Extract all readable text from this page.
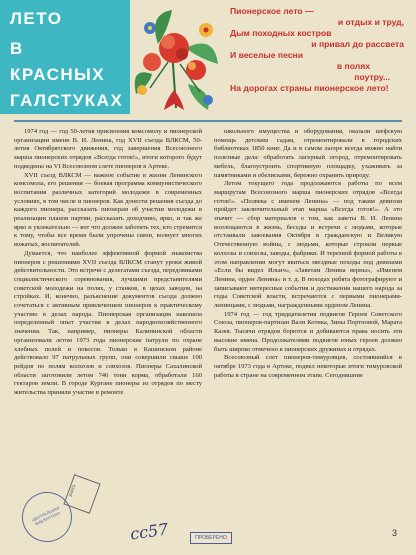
ЛЕТО
В
КРАСНЫХ
ГАЛСТУКАХ
Пионерское лето —
и отдых и труд,
Дым походных костров
и привал до рассвета
И веселые песни
в полях
поутру...
На дорогах страны пионерское лето!

1974 год — год 50-летия присвоения комсомолу и пионерской организации имени В. И. Ленина, год XVII съезда ВЛКСМ, 50-летия Октябрятского движения, год завершения Всесоюзного марша пионерских отрядов «Всегда готов!», итоги которого будут подведены на VI Всесоюзном слете пионеров в Артеке.

XVII съезд ВЛКСМ — важное событие в жизни Ленинского комсомола, его решения — боевая программа коммунистического воспитания различных категорий молодежи в современных условиях, в том числе и пионеров. Как донести решения съезда до каждого пионера, рассказать пионерам об участии молодежи в реализации планов партии, рассказать доходчиво, ярко, и так же ярко и увлекательно — вот что должен заботить тех, кто стремится к тому, чтобы все время были упрочены связи, волнует многих вожатых, воспитателей.

Думается, что наиболее эффективной формой знакомства пионеров с решениями XVII съезда ВЛКСМ станут уроки живой действительности. Это встречи с делегатами съезда, передовиками социалистического соревнования, лучшими представителями советской молодежи на полях, у станков, в цехах заводов, на стройках. И, конечно, разъяснение документов съезда должно сочетаться с активным привлечением пионеров к практическому участию в делах народа. Пионерская организация накопила определенный опыт участия в делах народнохозяйственного значения. Так, например, пионеры Калининской области организовали летом 1973 года пионерские патрули по охране хлебных полей и покосов. Только в Кашинском районе действовало 97 патрульных групп, они совершили свыше 100 рейдов по полям колхозов и совхозов. Пионеры Сахалинской области заготовили летом 746 тонн корма, обработали 160 гектаров земли. В городе Кургане пионеры из отрядов по месту жительства приняли участие в ремонте

школьного имущества и оборудования, оказали шефскую помощь детским садам, отремонтировали в городских библиотеках 1850 книг. Да и в самом лагере всегда можно найти полезные дела: обработать лагерный огород, отремонтировать мебель, благоустроить спортивную площадку, ухаживать за памятниками и обелисками, бережно охранять природу.

Летом текущего года продолжаются работы по всем маршрутам Всесоюзного марша пионерских отрядов «Всегда готов!». «Полвека с именем Ленина» — под таким девизом пройдет заключительный этап марша «Всегда готов!». А это значит — сбор материалов о том, как заветы В. И. Ленина воплощаются в жизнь, беседы и встречи с людьми, которые отстаивали завоевания Октября в гражданскую и Великую Отечественную войны, с людьми, которые строили первые колхозы и совхозы, заводы, фабрики. И терехвой формой работы в этом направлении могут явиться звездные походы под девизами «Если бы видел Ильич», «Заветам Ленина верны», «Именем Ленина, орден Ленина» и т. д. В походах ребята фотографируют и записывают интересные события и достижения нашего народа за годы Советской власти, встречаются с первыми пионерами-ленинцами, с людьми, награжденными орденом Ленина.

1974 год — год тридцатилетия подвигов Героев Советского Союза, пионеров-партизан Вали Котика, Зины Портновой, Марата Казея. Тысячи отрядов борются и добиваются права носить эти высокие имена. Продолжателями подвигов юных героев должно быть широко отмечено в пионерских дружинах и отрядах.

Всесоюзный слет пионеров-тимуровцев, состоявшийся в октябре 1973 года в Артеке, подвел некоторые итоги тимуровской работы в стране на современном этапе. Сегодняшние

КНИГА
ЦЕНТРАЛЬНАЯ БИБЛИОТЕКА
сс57	ПРОВЕРЕНО	3
